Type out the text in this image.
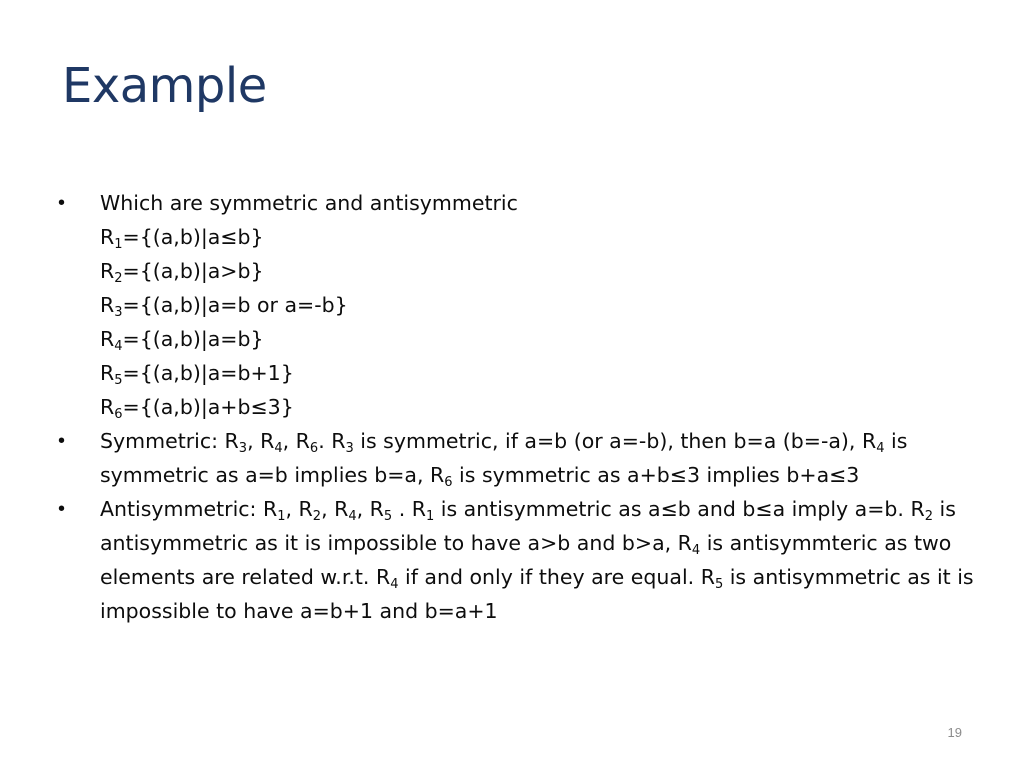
Example
•	Which are symmetric and antisymmetric
$R_1=\{(a,b)|a\le b\}$
$R_2=\{(a,b)|a>b\}$
$R_3=\{(a,b)|a=b$ or a=-b}
$R_4=\{(a,b)|a=b\}$
$R_5=\{(a,b)|a=b+1\}$
$R_6=\{(a,b)|a+b\le 3\}$
•	Symmetric: $R_3$, $R_4$, $R_6$. $R_3$ is symmetric, if a=b (or a=-b), then b=a (b=-a), $R_4$ is symmetric as a=b implies b=a, $R_6$ is symmetric as a+b≤3 implies b+a≤3
•	Antisymmetric: $R_1$, $R_2$, $R_4$, $R_5$ . $R_1$ is antisymmetric as a≤b and b≤a imply a=b. $R_2$ is antisymmetric as it is impossible to have a>b and b>a, $R_4$ is antisymmteric as two elements are related w.r.t. $R_4$ if and only if they are equal. $R_5$ is antisymmetric as it is impossible to have a=b+1 and b=a+1
19
